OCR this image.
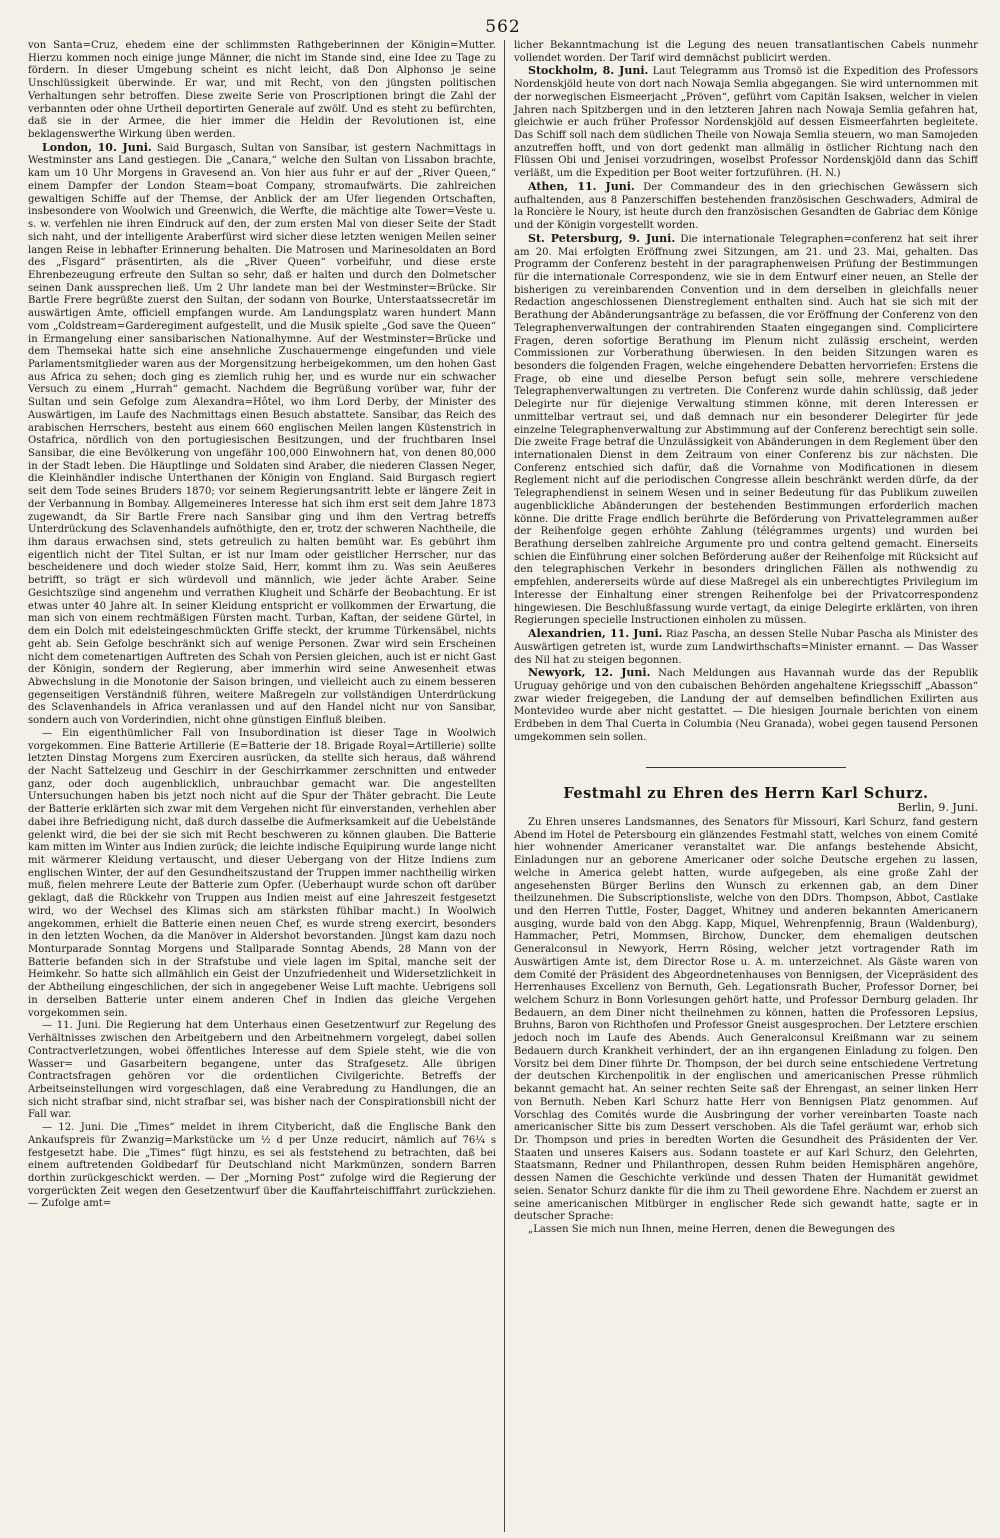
562

von Santa=Cruz, ehedem eine der schlimmsten Rathgeberinnen der Königin=Mutter. Hierzu kommen noch einige junge Männer, die nicht im Stande sind, eine Idee zu Tage zu fördern. In dieser Umgebung scheint es nicht leicht, daß Don Alphonso je seine Unschlüssigkeit überwinde. Er war, und mit Recht, von den jüngsten politischen Verhaltungen sehr betroffen. Diese zweite Serie von Proscriptionen bringt die Zahl der verbannten oder ohne Urtheil deportirten Generale auf zwölf. Und es steht zu befürchten, daß sie in der Armee, die hier immer die Heldin der Revolutionen ist, eine beklagenswerthe Wirkung üben werden.

London, 10. Juni. Said Burgasch, Sultan von Sansibar, ist gestern Nachmittags in Westminster ans Land gestiegen. Die „Canara,“ welche den Sultan von Lissabon brachte, kam um 10 Uhr Morgens in Gravesend an. Von hier aus fuhr er auf der „River Queen,“ einem Dampfer der London Steam=boat Company, stromaufwärts. Die zahlreichen gewaltigen Schiffe auf der Themse, der Anblick der am Ufer liegenden Ortschaften, insbesondere von Woolwich und Greenwich, die Werfte, die mächtige alte Tower=Veste u. s. w. verfehlen nie ihren Eindruck auf den, der zum ersten Mal von dieser Seite der Stadt sich naht, und der intelligente Araberfürst wird sicher diese letzten wenigen Meilen seiner langen Reise in lebhafter Erinnerung behalten. Die Matrosen und Marinesoldaten an Bord des „Fisgard“ präsentirten, als die „River Queen“ vorbeifuhr, und diese erste Ehrenbezeugung erfreute den Sultan so sehr, daß er halten und durch den Dolmetscher seinen Dank aussprechen ließ. Um 2 Uhr landete man bei der Westminster=Brücke. Sir Bartle Frere begrüßte zuerst den Sultan, der sodann von Bourke, Unterstaatssecretär im auswärtigen Amte, officiell empfangen wurde. Am Landungsplatz waren hundert Mann vom „Coldstream=Garderegiment aufgestellt, und die Musik spielte „God save the Queen“ in Ermangelung einer sansibarischen Nationalhymne. Auf der Westminster=Brücke und dem Themsekai hatte sich eine ansehnliche Zuschauermenge eingefunden und viele Parlamentsmitglieder waren aus der Morgensitzung herbeigekommen, um den hohen Gast aus Africa zu sehen; doch ging es ziemlich ruhig her, und es wurde nur ein schwacher Versuch zu einem „Hurrah“ gemacht. Nachdem die Begrüßung vorüber war, fuhr der Sultan und sein Gefolge zum Alexandra=Hôtel, wo ihm Lord Derby, der Minister des Auswärtigen, im Laufe des Nachmittags einen Besuch abstattete. Sansibar, das Reich des arabischen Herrschers, besteht aus einem 660 englischen Meilen langen Küstenstrich in Ostafrica, nördlich von den portugiesischen Besitzungen, und der fruchtbaren Insel Sansibar, die eine Bevölkerung von ungefähr 100,000 Einwohnern hat, von denen 80,000 in der Stadt leben. Die Häuptlinge und Soldaten sind Araber, die niederen Classen Neger, die Kleinhändler indische Unterthanen der Königin von England. Said Burgasch regiert seit dem Tode seines Bruders 1870; vor seinem Regierungsantritt lebte er längere Zeit in der Verbannung in Bombay. Allgemeineres Interesse hat sich ihm erst seit dem Jahre 1873 zugewandt, da Sir Bartle Frere nach Sansibar ging und ihm den Vertrag betreffs Unterdrückung des Sclavenhandels aufnöthigte, den er, trotz der schweren Nachtheile, die ihm daraus erwachsen sind, stets getreulich zu halten bemüht war. Es gebührt ihm eigentlich nicht der Titel Sultan, er ist nur Imam oder geistlicher Herrscher, nur das bescheidenere und doch wieder stolze Said, Herr, kommt ihm zu. Was sein Aeußeres betrifft, so trägt er sich würdevoll und männlich, wie jeder ächte Araber. Seine Gesichtszüge sind angenehm und verrathen Klugheit und Schärfe der Beobachtung. Er ist etwas unter 40 Jahre alt. In seiner Kleidung entspricht er vollkommen der Erwartung, die man sich von einem rechtmäßigen Fürsten macht. Turban, Kaftan, der seidene Gürtel, in dem ein Dolch mit edelsteingeschmückten Griffe steckt, der krumme Türkensäbel, nichts geht ab. Sein Gefolge beschränkt sich auf wenige Personen. Zwar wird sein Erscheinen nicht dem cometenartigen Auftreten des Schah von Persien gleichen, auch ist er nicht Gast der Königin, sondern der Regierung, aber immerhin wird seine Anwesenheit etwas Abwechslung in die Monotonie der Saison bringen, und vielleicht auch zu einem besseren gegenseitigen Verständniß führen, weitere Maßregeln zur vollständigen Unterdrückung des Sclavenhandels in Africa veranlassen und auf den Handel nicht nur von Sansibar, sondern auch von Vorderindien, nicht ohne günstigen Einfluß bleiben.

— Ein eigenthümlicher Fall von Insubordination ist dieser Tage in Woolwich vorgekommen. Eine Batterie Artillerie (E=Batterie der 18. Brigade Royal=Artillerie) sollte letzten Dinstag Morgens zum Exerciren ausrücken, da stellte sich heraus, daß während der Nacht Sattelzeug und Geschirr in der Geschirrkammer zerschnitten und entweder ganz, oder doch augenblicklich, unbrauchbar gemacht war. Die angestellten Untersuchungen haben bis jetzt noch nicht auf die Spur der Thäter gebracht. Die Leute der Batterie erklärten sich zwar mit dem Vergehen nicht für einverstanden, verhehlen aber dabei ihre Befriedigung nicht, daß durch dasselbe die Aufmerksamkeit auf die Uebelstände gelenkt wird, die bei der sie sich mit Recht beschweren zu können glauben. Die Batterie kam mitten im Winter aus Indien zurück; die leichte indische Equipirung wurde lange nicht mit wärmerer Kleidung vertauscht, und dieser Uebergang von der Hitze Indiens zum englischen Winter, der auf den Gesundheitszustand der Truppen immer nachtheilig wirken muß, fielen mehrere Leute der Batterie zum Opfer. (Ueberhaupt wurde schon oft darüber geklagt, daß die Rückkehr von Truppen aus Indien meist auf eine Jahreszeit festgesetzt wird, wo der Wechsel des Klimas sich am stärksten fühlbar macht.) In Woolwich angekommen, erhielt die Batterie einen neuen Chef, es wurde streng exercirt, besonders in den letzten Wochen, da die Manöver in Aldershot bevorstanden. Jüngst kam dazu noch Monturparade Sonntag Morgens und Stallparade Sonntag Abends, 28 Mann von der Batterie befanden sich in der Strafstube und viele lagen im Spital, manche seit der Heimkehr. So hatte sich allmählich ein Geist der Unzufriedenheit und Widersetzlichkeit in der Abtheilung eingeschlichen, der sich in angegebener Weise Luft machte. Uebrigens soll in derselben Batterie unter einem anderen Chef in Indien das gleiche Vergehen vorgekommen sein.

— 11. Juni. Die Regierung hat dem Unterhaus einen Gesetzentwurf zur Regelung des Verhältnisses zwischen den Arbeitgebern und den Arbeitnehmern vorgelegt, dabei sollen Contractverletzungen, wobei öffentliches Interesse auf dem Spiele steht, wie die von Wasser= und Gasarbeitern begangene, unter das Strafgesetz. Alle übrigen Contractsfragen gehören vor die ordentlichen Civilgerichte. Betreffs der Arbeitseinstellungen wird vorgeschlagen, daß eine Verabredung zu Handlungen, die an sich nicht strafbar sind, nicht strafbar sei, was bisher nach der Conspirationsbill nicht der Fall war.

— 12. Juni. Die „Times“ meldet in ihrem Citybericht, daß die Englische Bank den Ankaufspreis für Zwanzig=Markstücke um ½ d per Unze reducirt, nämlich auf 76¼ s festgesetzt habe. Die „Times“ fügt hinzu, es sei als feststehend zu betrachten, daß bei einem auftretenden Goldbedarf für Deutschland nicht Markmünzen, sondern Barren dorthin zurückgeschickt werden. — Der „Morning Post“ zufolge wird die Regierung der vorgerückten Zeit wegen den Gesetzentwurf über die Kauffahrteischifffahrt zurückziehen. — Zufolge amt=

licher Bekanntmachung ist die Legung des neuen transatlantischen Cabels nunmehr vollendet worden. Der Tarif wird demnächst publicirt werden.

Stockholm, 8. Juni. Laut Telegramm aus Tromsö ist die Expedition des Professors Nordenskjöld heute von dort nach Nowaja Semlia abgegangen. Sie wird unternommen mit der norwegischen Eismeerjacht „Pröven“, geführt vom Capitän Isaksen, welcher in vielen Jahren nach Spitzbergen und in den letzteren Jahren nach Nowaja Semlia gefahren hat, gleichwie er auch früher Professor Nordenskjöld auf dessen Eismeerfahrten begleitete. Das Schiff soll nach dem südlichen Theile von Nowaja Semlia steuern, wo man Samojeden anzutreffen hofft, und von dort gedenkt man allmälig in östlicher Richtung nach den Flüssen Obi und Jenisei vorzudringen, woselbst Professor Nordenskjöld dann das Schiff verläßt, um die Expedition per Boot weiter fortzuführen. (H. N.)

Athen, 11. Juni. Der Commandeur des in den griechischen Gewässern sich aufhaltenden, aus 8 Panzerschiffen bestehenden französischen Geschwaders, Admiral de la Roncière le Noury, ist heute durch den französischen Gesandten de Gabriac dem Könige und der Königin vorgestellt worden.

St. Petersburg, 9. Juni. Die internationale Telegraphen=conferenz hat seit ihrer am 20. Mai erfolgten Eröffnung zwei Sitzungen, am 21. und 23. Mai, gehalten. Das Programm der Conferenz besteht in der paragraphenweisen Prüfung der Bestimmungen für die internationale Correspondenz, wie sie in dem Entwurf einer neuen, an Stelle der bisherigen zu vereinbarenden Convention und in dem derselben in gleichfalls neuer Redaction angeschlossenen Dienstreglement enthalten sind. Auch hat sie sich mit der Berathung der Abänderungsanträge zu befassen, die vor Eröffnung der Conferenz von den Telegraphenverwaltungen der contrahirenden Staaten eingegangen sind. Complicirtere Fragen, deren sofortige Berathung im Plenum nicht zulässig erscheint, werden Commissionen zur Vorberathung überwiesen. In den beiden Sitzungen waren es besonders die folgenden Fragen, welche eingehendere Debatten hervorriefen: Erstens die Frage, ob eine und dieselbe Person befugt sein solle, mehrere verschiedene Telegraphenverwaltungen zu vertreten. Die Conferenz wurde dahin schlüssig, daß jeder Delegirte nur für diejenige Verwaltung stimmen könne, mit deren Interessen er unmittelbar vertraut sei, und daß demnach nur ein besonderer Delegirter für jede einzelne Telegraphenverwaltung zur Abstimmung auf der Conferenz berechtigt sein solle. Die zweite Frage betraf die Unzulässigkeit von Abänderungen in dem Reglement über den internationalen Dienst in dem Zeitraum von einer Conferenz bis zur nächsten. Die Conferenz entschied sich dafür, daß die Vornahme von Modificationen in diesem Reglement nicht auf die periodischen Congresse allein beschränkt werden dürfe, da der Telegraphendienst in seinem Wesen und in seiner Bedeutung für das Publikum zuweilen augenblickliche Abänderungen der bestehenden Bestimmungen erforderlich machen könne. Die dritte Frage endlich berührte die Beförderung von Privattelegrammen außer der Reihenfolge gegen erhöhte Zahlung (télégrammes urgents) und wurden bei Berathung derselben zahlreiche Argumente pro und contra geltend gemacht. Einerseits schien die Einführung einer solchen Beförderung außer der Reihenfolge mit Rücksicht auf den telegraphischen Verkehr in besonders dringlichen Fällen als nothwendig zu empfehlen, andererseits würde auf diese Maßregel als ein unberechtigtes Privilegium im Interesse der Einhaltung einer strengen Reihenfolge bei der Privatcorrespondenz hingewiesen. Die Beschlußfassung wurde vertagt, da einige Delegirte erklärten, von ihren Regierungen specielle Instructionen einholen zu müssen.

Alexandrien, 11. Juni. Riaz Pascha, an dessen Stelle Nubar Pascha als Minister des Auswärtigen getreten ist, wurde zum Landwirthschafts=Minister ernannt. — Das Wasser des Nil hat zu steigen begonnen.

Newyork, 12. Juni. Nach Meldungen aus Havannah wurde das der Republik Uruguay gehörige und von den cubaischen Behörden angehaltene Kriegsschiff „Abasson“ zwar wieder freigegeben, die Landung der auf demselben befindlichen Exilirten aus Montevideo wurde aber nicht gestattet. — Die hiesigen Journale berichten von einem Erdbeben in dem Thal Cuerta in Columbia (Neu Granada), wobei gegen tausend Personen umgekommen sein sollen.

Festmahl zu Ehren des Herrn Karl Schurz.
Berlin, 9. Juni.

Zu Ehren unseres Landsmannes, des Senators für Missouri, Karl Schurz, fand gestern Abend im Hotel de Petersbourg ein glänzendes Festmahl statt, welches von einem Comité hier wohnender Americaner veranstaltet war. Die anfangs bestehende Absicht, Einladungen nur an geborene Americaner oder solche Deutsche ergehen zu lassen, welche in America gelebt hatten, wurde aufgegeben, als eine große Zahl der angesehensten Bürger Berlins den Wunsch zu erkennen gab, an dem Diner theilzunehmen. Die Subscriptionsliste, welche von den DDrs. Thompson, Abbot, Castlake und den Herren Tuttle, Foster, Dagget, Whitney und anderen bekannten Americanern ausging, wurde bald von den Abgg. Kapp, Miquel, Wehrenpfennig, Braun (Waldenburg), Hammacher, Petri, Mommsen, Birchow, Duncker, dem ehemaligen deutschen Generalconsul in Newyork, Herrn Rösing, welcher jetzt vortragender Rath im Auswärtigen Amte ist, dem Director Rose u. A. m. unterzeichnet. Als Gäste waren von dem Comité der Präsident des Abgeordnetenhauses von Bennigsen, der Vicepräsident des Herrenhauses Excellenz von Bernuth, Geh. Legationsrath Bucher, Professor Dorner, bei welchem Schurz in Bonn Vorlesungen gehört hatte, und Professor Dernburg geladen. Ihr Bedauern, an dem Diner nicht theilnehmen zu können, hatten die Professoren Lepsius, Bruhns, Baron von Richthofen und Professor Gneist ausgesprochen. Der Letztere erschien jedoch noch im Laufe des Abends. Auch Generalconsul Kreißmann war zu seinem Bedauern durch Krankheit verhindert, der an ihn ergangenen Einladung zu folgen. Den Vorsitz bei dem Diner führte Dr. Thompson, der bei durch seine entschiedene Vertretung der deutschen Kirchenpolitik in der englischen und americanischen Presse rühmlich bekannt gemacht hat. An seiner rechten Seite saß der Ehrengast, an seiner linken Herr von Bernuth. Neben Karl Schurz hatte Herr von Bennigsen Platz genommen. Auf Vorschlag des Comités wurde die Ausbringung der vorher vereinbarten Toaste nach americanischer Sitte bis zum Dessert verschoben. Als die Tafel geräumt war, erhob sich Dr. Thompson und pries in beredten Worten die Gesundheit des Präsidenten der Ver. Staaten und unseres Kaisers aus. Sodann toastete er auf Karl Schurz, den Gelehrten, Staatsmann, Redner und Philanthropen, dessen Ruhm beiden Hemisphären angehöre, dessen Namen die Geschichte verkünde und dessen Thaten der Humanität gewidmet seien. Senator Schurz dankte für die ihm zu Theil gewordene Ehre. Nachdem er zuerst an seine americanischen Mitbürger in englischer Rede sich gewandt hatte, sagte er in deutscher Sprache:

„Lassen Sie mich nun Ihnen, meine Herren, denen die Bewegungen des
